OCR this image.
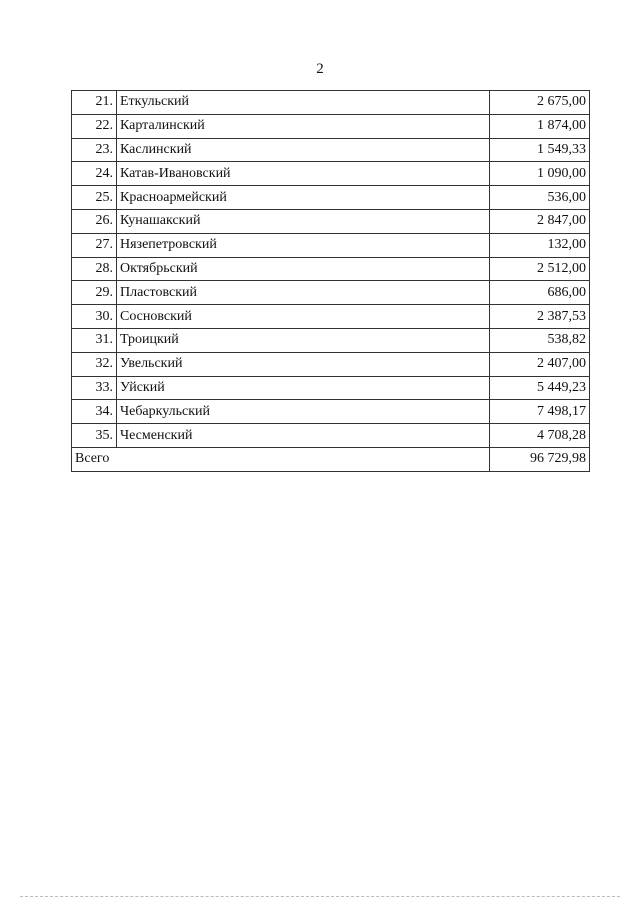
2
21.	Еткульский	2 675,00
22.	Карталинский	1 874,00
23.	Каслинский	1 549,33
24.	Катав-Ивановский	1 090,00
25.	Красноармейский	536,00
26.	Кунашакский	2 847,00
27.	Нязепетровский	132,00
28.	Октябрьский	2 512,00
29.	Пластовский	686,00
30.	Сосновский	2 387,53
31.	Троицкий	538,82
32.	Увельский	2 407,00
33.	Уйский	5 449,23
34.	Чебаркульский	7 498,17
35.	Чесменский	4 708,28
Всего		96 729,98
